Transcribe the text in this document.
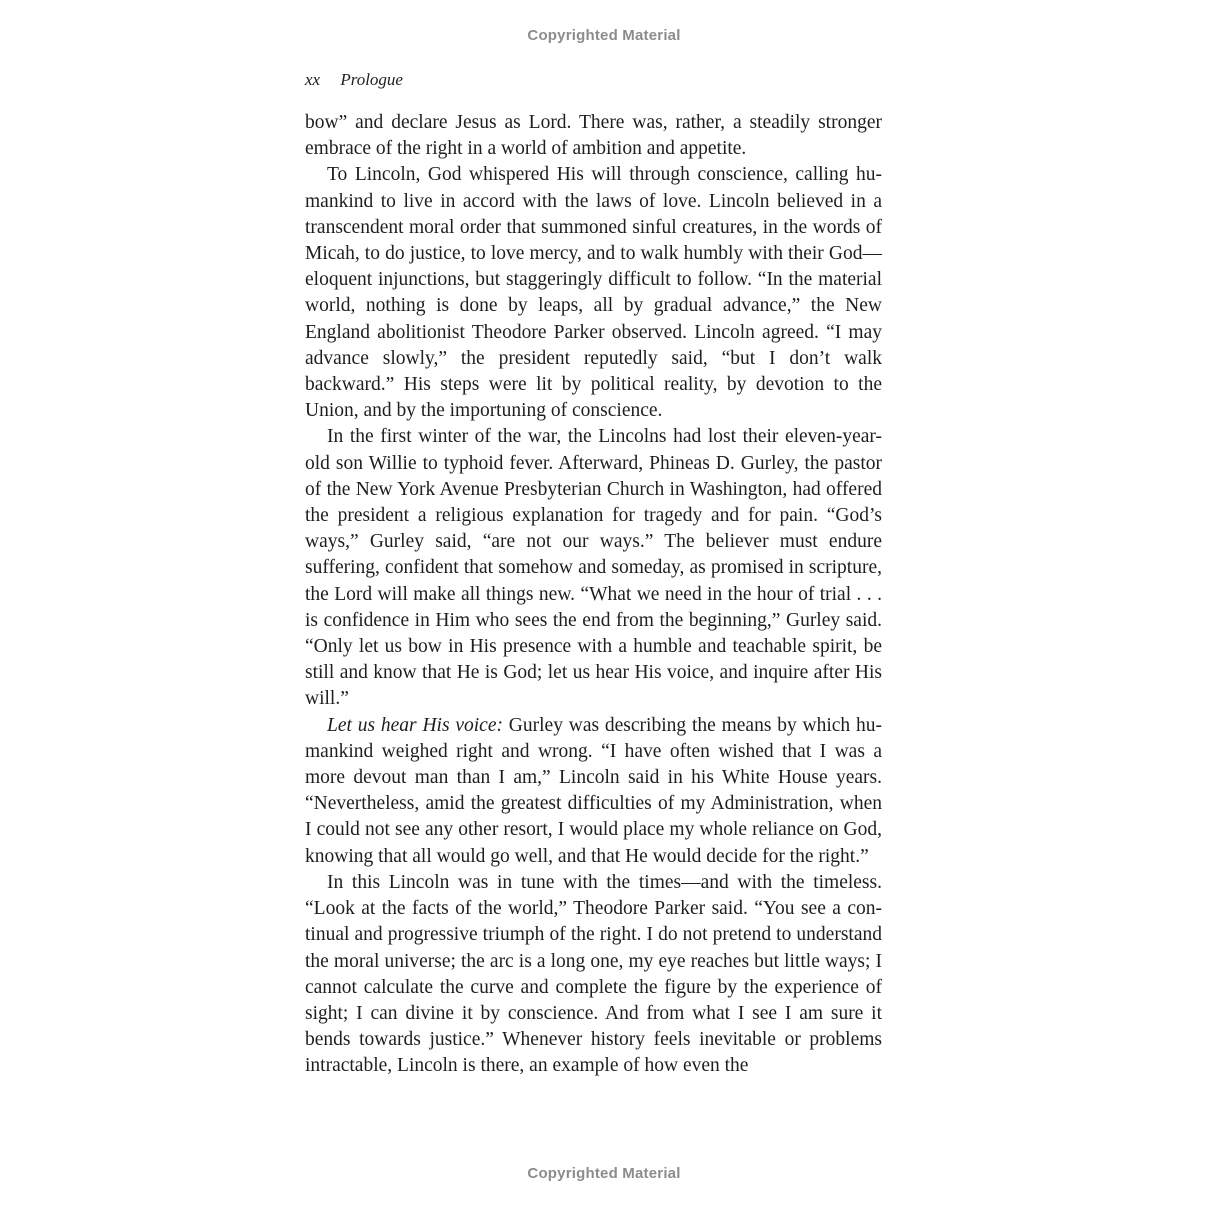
Copyrighted Material
xx Prologue

bow” and declare Jesus as Lord. There was, rather, a steadily stronger embrace of the right in a world of ambition and appetite.

To Lincoln, God whispered His will through conscience, calling humankind to live in accord with the laws of love. Lincoln believed in a transcendent moral order that summoned sinful creatures, in the words of Micah, to do justice, to love mercy, and to walk humbly with their God—eloquent injunctions, but staggeringly difficult to follow. “In the material world, nothing is done by leaps, all by gradual advance,” the New England abolitionist Theodore Parker observed. Lincoln agreed. “I may advance slowly,” the president reputedly said, “but I don’t walk backward.” His steps were lit by political reality, by devotion to the Union, and by the importuning of conscience.

In the first winter of the war, the Lincolns had lost their eleven-year-old son Willie to typhoid fever. Afterward, Phineas D. Gurley, the pastor of the New York Avenue Presbyterian Church in Washington, had offered the president a religious explanation for tragedy and for pain. “God’s ways,” Gurley said, “are not our ways.” The believer must endure suffering, confident that somehow and someday, as promised in scripture, the Lord will make all things new. “What we need in the hour of trial . . . is confidence in Him who sees the end from the beginning,” Gurley said. “Only let us bow in His presence with a humble and teachable spirit, be still and know that He is God; let us hear His voice, and inquire after His will.”

Let us hear His voice: Gurley was describing the means by which humankind weighed right and wrong. “I have often wished that I was a more devout man than I am,” Lincoln said in his White House years. “Nevertheless, amid the greatest difficulties of my Administration, when I could not see any other resort, I would place my whole reliance on God, knowing that all would go well, and that He would decide for the right.”

In this Lincoln was in tune with the times—and with the timeless. “Look at the facts of the world,” Theodore Parker said. “You see a continual and progressive triumph of the right. I do not pretend to understand the moral universe; the arc is a long one, my eye reaches but little ways; I cannot calculate the curve and complete the figure by the experience of sight; I can divine it by conscience. And from what I see I am sure it bends towards justice.” Whenever history feels inevitable or problems intractable, Lincoln is there, an example of how even the

Copyrighted Material
